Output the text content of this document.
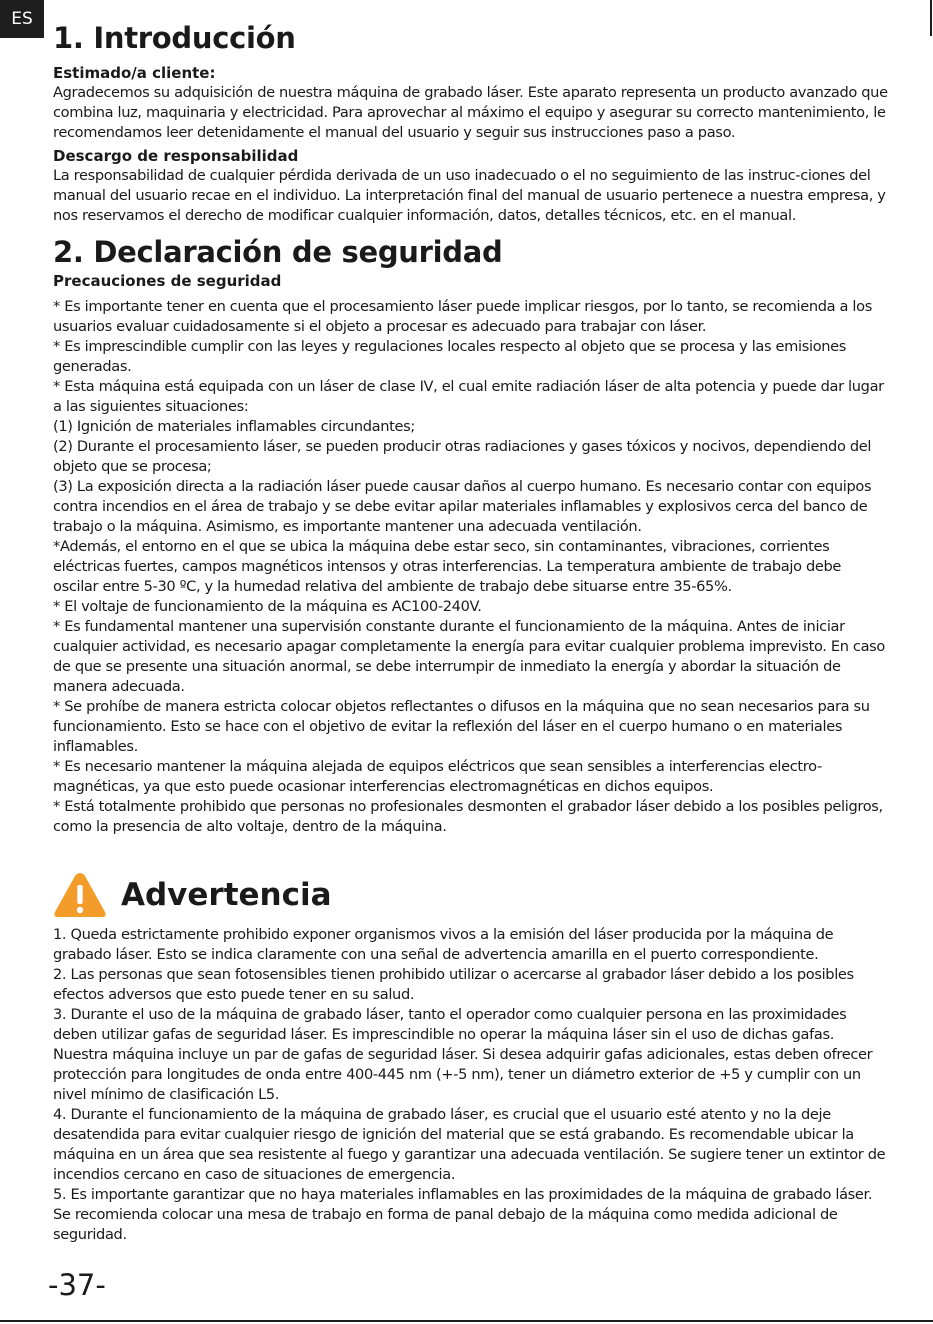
ES
1. Introducción
Estimado/a cliente:

Agradecemos su adquisición de nuestra máquina de grabado láser. Este aparato representa un producto avanzado que combina luz, maquinaria y electricidad. Para aprovechar al máximo el equipo y asegurar su correcto mantenimiento, le recomendamos leer detenidamente el manual del usuario y seguir sus instrucciones paso a paso.

Descargo de responsabilidad

La responsabilidad de cualquier pérdida derivada de un uso inadecuado o el no seguimiento de las instruc-ciones del manual del usuario recae en el individuo. La interpretación final del manual de usuario pertenece a nuestra empresa, y nos reservamos el derecho de modificar cualquier información, datos, detalles técnicos, etc. en el manual.

2. Declaración de seguridad
Precauciones de seguridad

* Es importante tener en cuenta que el procesamiento láser puede implicar riesgos, por lo tanto, se recomienda a los usuarios evaluar cuidadosamente si el objeto a procesar es adecuado para trabajar con láser.

* Es imprescindible cumplir con las leyes y regulaciones locales respecto al objeto que se procesa y las emisiones generadas.

* Esta máquina está equipada con un láser de clase IV, el cual emite radiación láser de alta potencia y puede dar lugar a las siguientes situaciones:

(1) Ignición de materiales inflamables circundantes;

(2) Durante el procesamiento láser, se pueden producir otras radiaciones y gases tóxicos y nocivos, dependiendo del objeto que se procesa;

(3) La exposición directa a la radiación láser puede causar daños al cuerpo humano. Es necesario contar con equipos contra incendios en el área de trabajo y se debe evitar apilar materiales inflamables y explosivos cerca del banco de trabajo o la máquina. Asimismo, es importante mantener una adecuada ventilación.

*Además, el entorno en el que se ubica la máquina debe estar seco, sin contaminantes, vibraciones, corrientes eléctricas fuertes, campos magnéticos intensos y otras interferencias. La temperatura ambiente de trabajo debe oscilar entre 5-30 ºC, y la humedad relativa del ambiente de trabajo debe situarse entre 35-65%.

* El voltaje de funcionamiento de la máquina es AC100-240V.

* Es fundamental mantener una supervisión constante durante el funcionamiento de la máquina. Antes de iniciar cualquier actividad, es necesario apagar completamente la energía para evitar cualquier problema imprevisto. En caso de que se presente una situación anormal, se debe interrumpir de inmediato la energía y abordar la situación de manera adecuada.

* Se prohíbe de manera estricta colocar objetos reflectantes o difusos en la máquina que no sean necesarios para su funcionamiento. Esto se hace con el objetivo de evitar la reflexión del láser en el cuerpo humano o en materiales inflamables.

* Es necesario mantener la máquina alejada de equipos eléctricos que sean sensibles a interferencias electro-magnéticas, ya que esto puede ocasionar interferencias electromagnéticas en dichos equipos.

* Está totalmente prohibido que personas no profesionales desmonten el grabador láser debido a los posibles peligros, como la presencia de alto voltaje, dentro de la máquina.

Advertencia

1. Queda estrictamente prohibido exponer organismos vivos a la emisión del láser producida por la máquina de grabado láser. Esto se indica claramente con una señal de advertencia amarilla en el puerto correspondiente.

2. Las personas que sean fotosensibles tienen prohibido utilizar o acercarse al grabador láser debido a los posibles efectos adversos que esto puede tener en su salud.

3. Durante el uso de la máquina de grabado láser, tanto el operador como cualquier persona en las proximidades deben utilizar gafas de seguridad láser. Es imprescindible no operar la máquina láser sin el uso de dichas gafas. Nuestra máquina incluye un par de gafas de seguridad láser. Si desea adquirir gafas adicionales, estas deben ofrecer protección para longitudes de onda entre 400-445 nm (+-5 nm), tener un diámetro exterior de +5 y cumplir con un nivel mínimo de clasificación L5.

4. Durante el funcionamiento de la máquina de grabado láser, es crucial que el usuario esté atento y no la deje desatendida para evitar cualquier riesgo de ignición del material que se está grabando. Es recomendable ubicar la máquina en un área que sea resistente al fuego y garantizar una adecuada ventilación. Se sugiere tener un extintor de incendios cercano en caso de situaciones de emergencia.

5. Es importante garantizar que no haya materiales inflamables en las proximidades de la máquina de grabado láser. Se recomienda colocar una mesa de trabajo en forma de panal debajo de la máquina como medida adicional de seguridad.

-37-
